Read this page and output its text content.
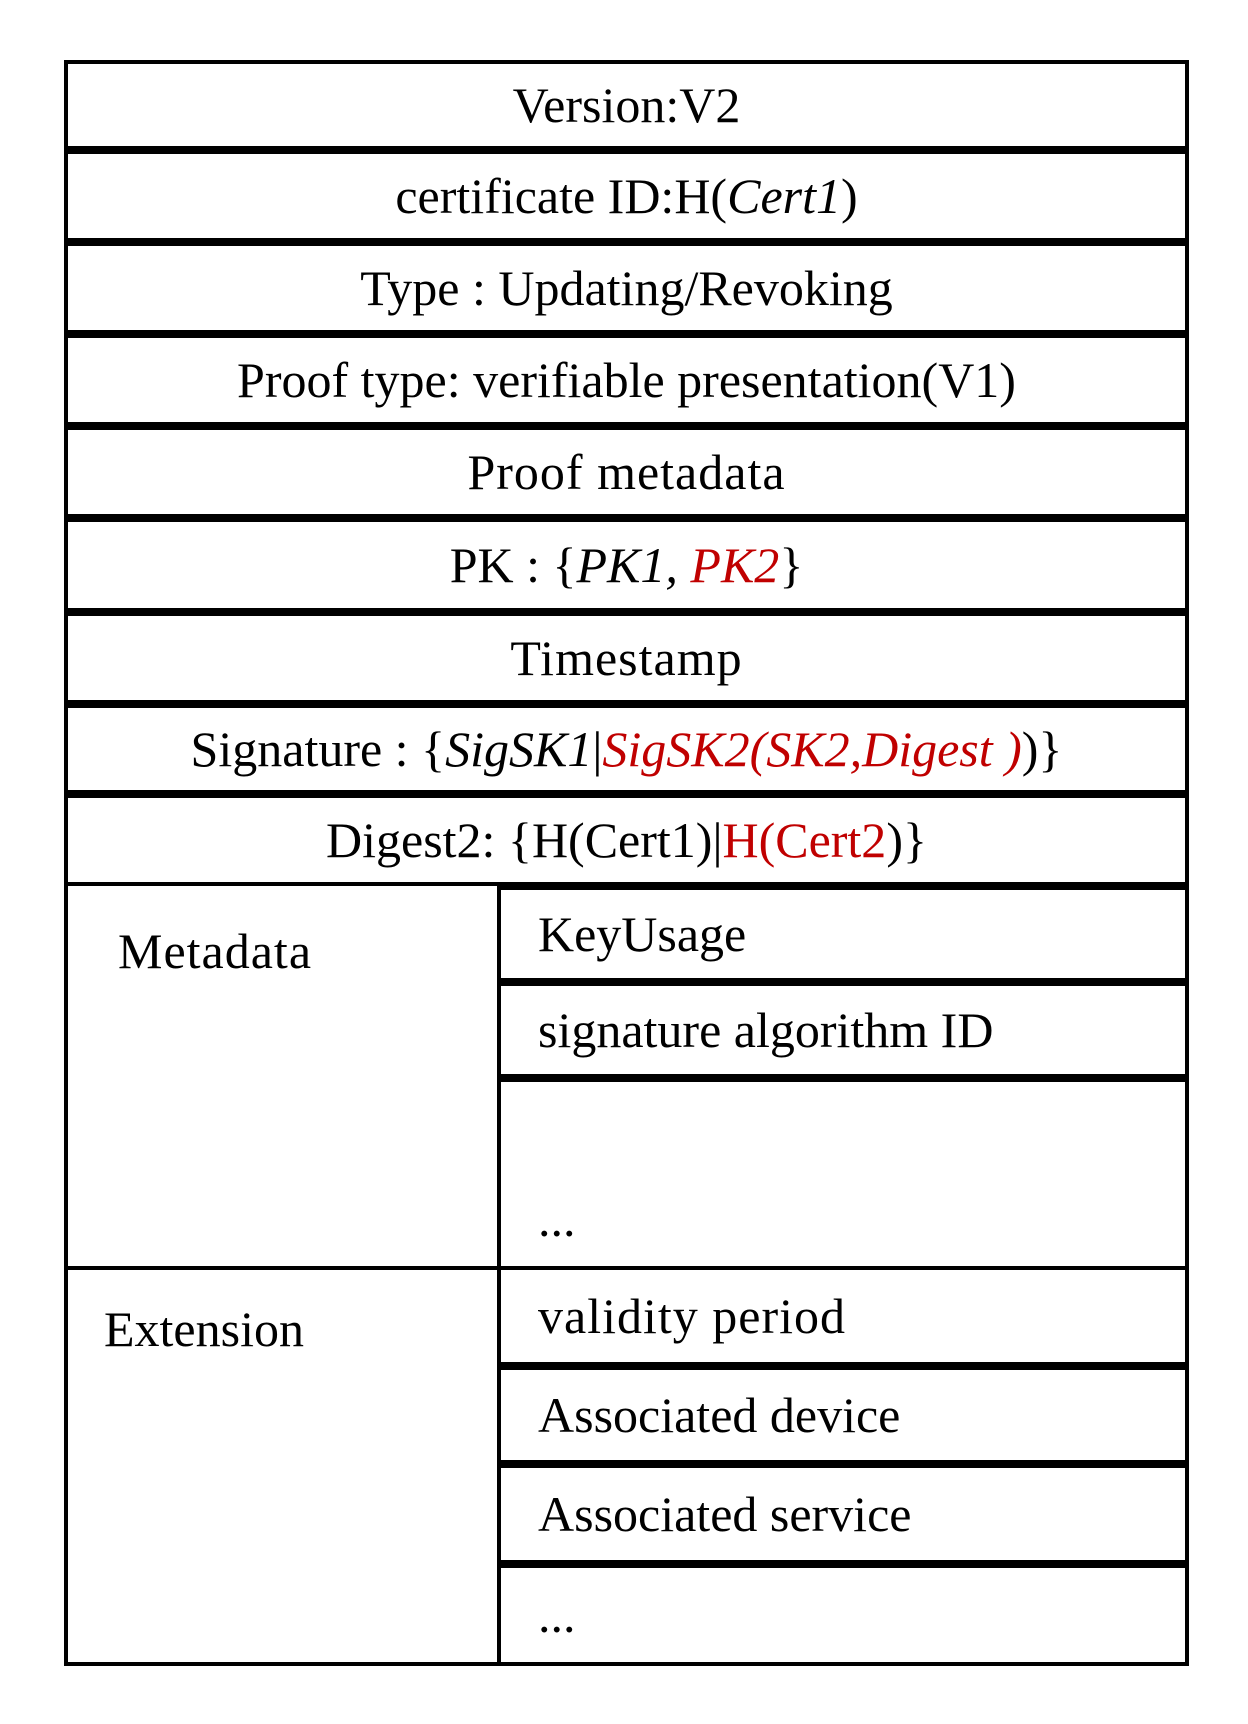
Version:V2
certificate ID:H(Cert1)
Type : Updating/Revoking
Proof type: verifiable presentation(V1)
Proof metadata
PK : {PK1, PK2}
Timestamp
Signature : {SigSK1|SigSK2(SK2,Digest ))}
Digest2: {H(Cert1)|H(Cert2)}
Metadata	KeyUsage
signature algorithm ID
...
Extension	validity period
Associated device
Associated service
...
